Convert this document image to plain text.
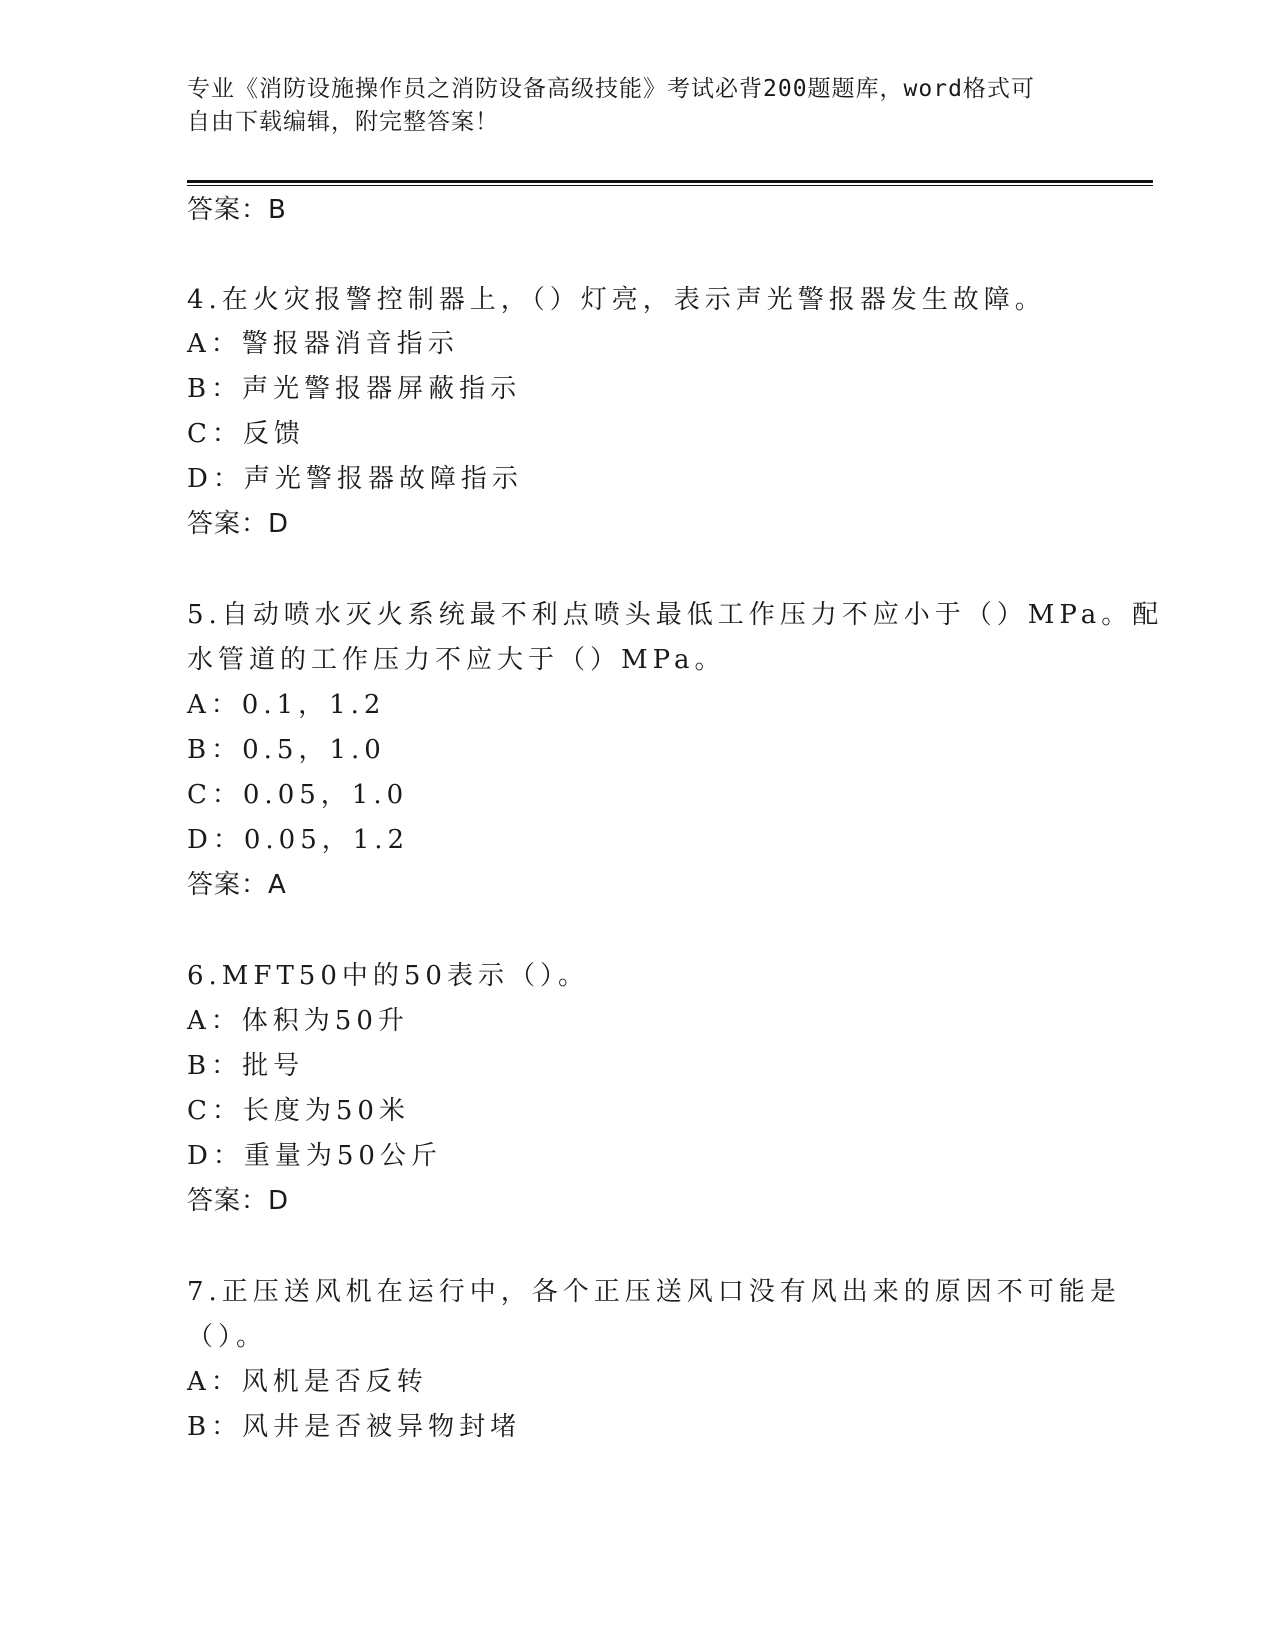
专业《消防设施操作员之消防设备高级技能》考试必背200题题库，word格式可
自由下载编辑，附完整答案！
答案：B
4.在火灾报警控制器上，（）灯亮，表示声光警报器发生故障。
A：警报器消音指示
B：声光警报器屏蔽指示
C：反馈
D：声光警报器故障指示
答案：D
5.自动喷水灭火系统最不利点喷头最低工作压力不应小于（）MPa。配
水管道的工作压力不应大于（）MPa。
A：0.1，1.2
B：0.5，1.0
C：0.05，1.0
D：0.05，1.2
答案：A
6.MFT50中的50表示（）。
A：体积为50升
B：批号
C：长度为50米
D：重量为50公斤
答案：D
7.正压送风机在运行中，各个正压送风口没有风出来的原因不可能是
（）。
A：风机是否反转
B：风井是否被异物封堵
